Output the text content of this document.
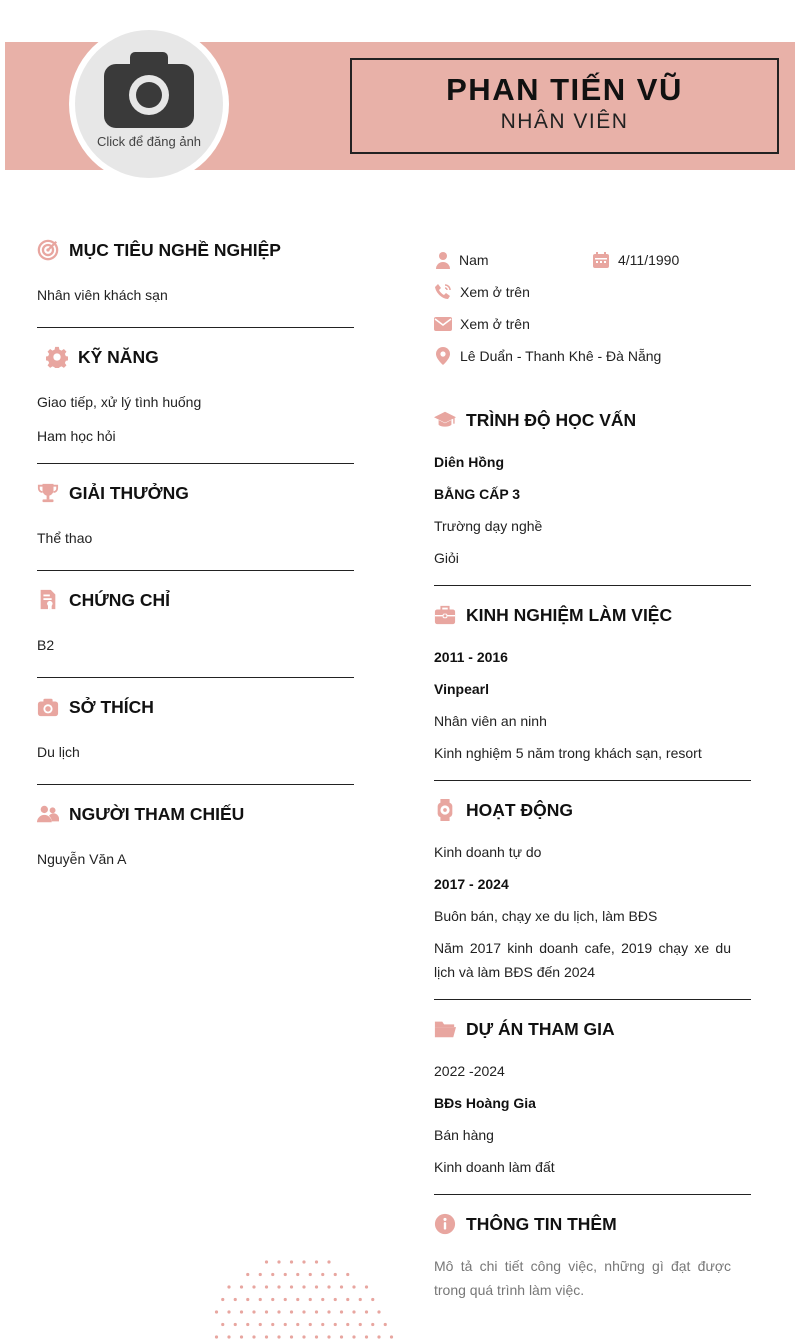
Click để đăng ảnh
PHAN TIẾN VŨ
NHÂN VIÊN
MỤC TIÊU NGHỀ NGHIỆP
Nhân viên khách sạn
KỸ NĂNG
Giao tiếp, xử lý tình huống
Ham học hỏi
GIẢI THƯỞNG
Thể thao
CHỨNG CHỈ
B2
SỞ THÍCH
Du lịch
NGƯỜI THAM CHIẾU
Nguyễn Văn A
Nam	4/11/1990
Xem ở trên
Xem ở trên
Lê Duẩn - Thanh Khê - Đà Nẵng
TRÌNH ĐỘ HỌC VẤN
Diên Hồng
BẰNG CẤP 3
Trường dạy nghề
Giỏi
KINH NGHIỆM LÀM VIỆC
2011 - 2016
Vinpearl
Nhân viên an ninh
Kinh nghiệm 5 năm trong khách sạn, resort
HOẠT ĐỘNG
Kinh doanh tự do
2017 - 2024
Buôn bán, chạy xe du lịch, làm BĐS
Năm 2017 kinh doanh cafe, 2019 chạy xe du lịch và làm BĐS đến 2024
DỰ ÁN THAM GIA
2022 -2024
BĐs Hoàng Gia
Bán hàng
Kinh doanh làm đất
THÔNG TIN THÊM
Mô tả chi tiết công việc, những gì đạt được trong quá trình làm việc.
